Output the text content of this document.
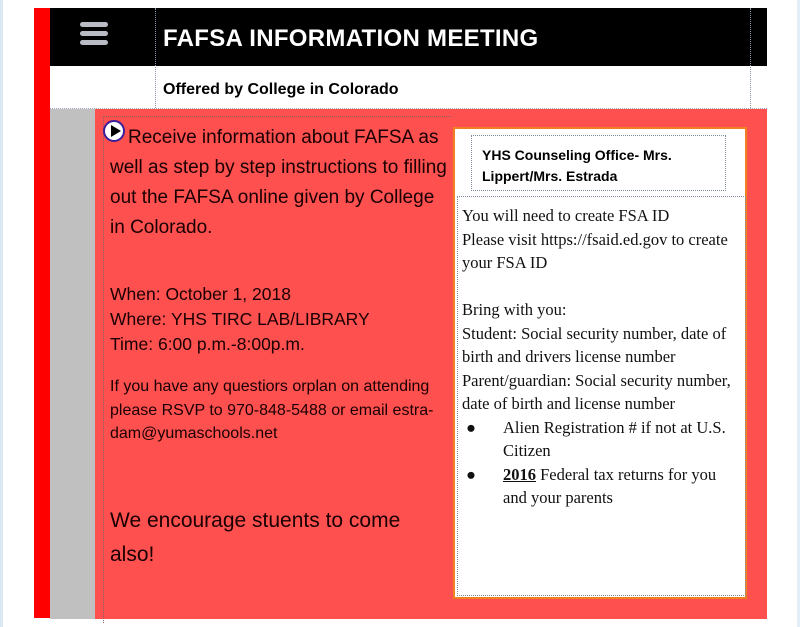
FAFSA INFORMATION MEETING
Offered by College in Colorado
Receive information about FAFSA as well as step by step instructions to filling out the FAFSA online given by College in Colorado.
When: October 1, 2018
Where: YHS TIRC LAB/LIBRARY
Time: 6:00 p.m.-8:00p.m.
If you have any questiors orplan on attending please RSVP to 970-848-5488 or email estra-dam@yumaschools.net
We encourage stuents to come also!
YHS Counseling Office- Mrs. Lippert/Mrs. Estrada

You will need to create FSA ID

Please visit https://fsaid.ed.gov to create your FSA ID

Bring with you:

Student: Social security number, date of birth and drivers license number

Parent/guardian: Social security number, date of birth and license number

● Alien Registration # if not at U.S. Citizen
● 2016 Federal tax returns for you and your parents
